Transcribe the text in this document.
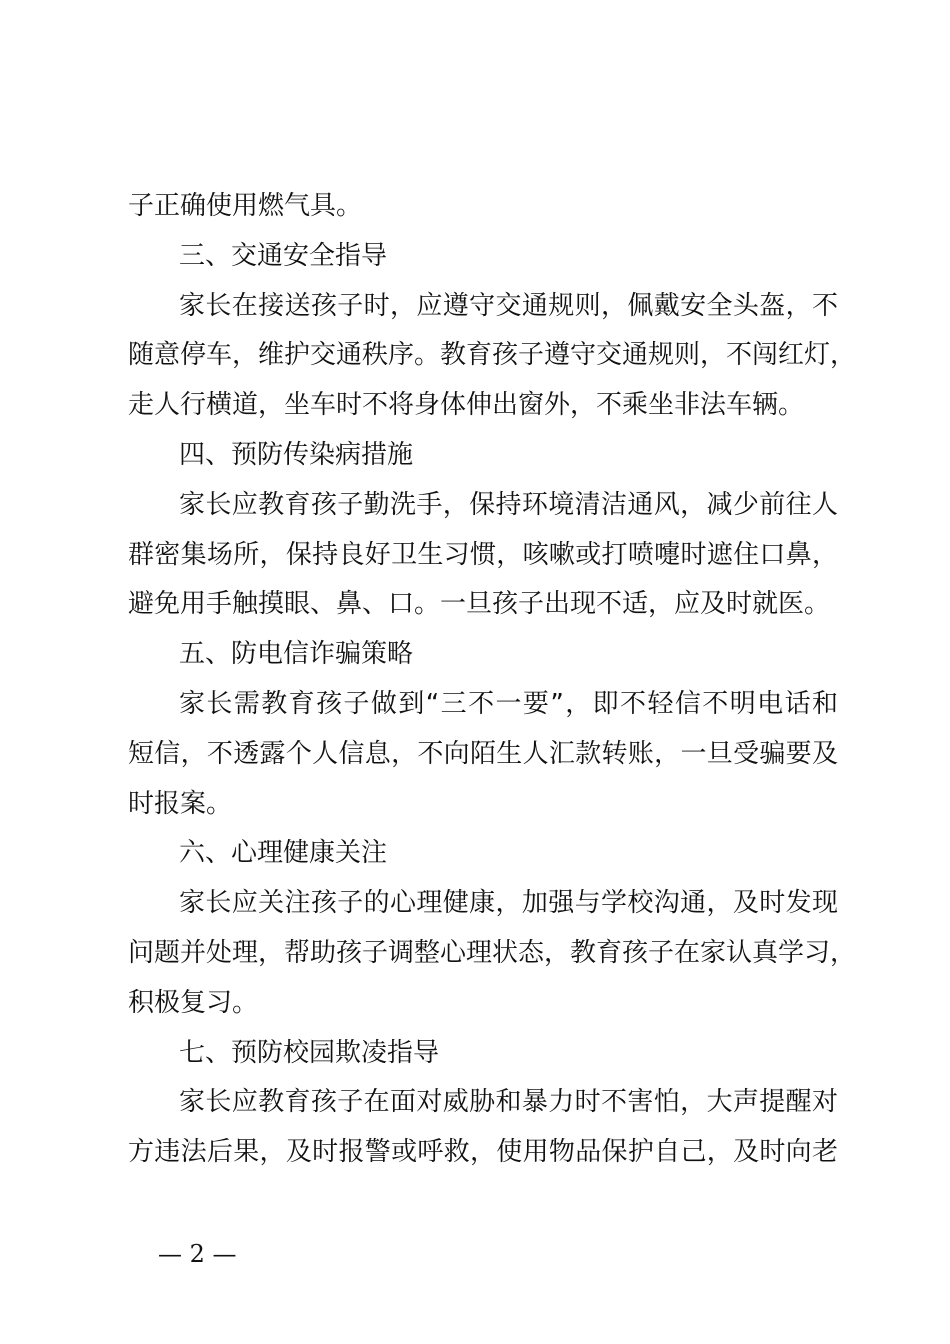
子正确使用燃气具。
三、交通安全指导
家长在接送孩子时，应遵守交通规则，佩戴安全头盔，不
随意停车，维护交通秩序。教育孩子遵守交通规则，不闯红灯，
走人行横道，坐车时不将身体伸出窗外，不乘坐非法车辆。
四、预防传染病措施
家长应教育孩子勤洗手，保持环境清洁通风，减少前往人
群密集场所，保持良好卫生习惯，咳嗽或打喷嚏时遮住口鼻，
避免用手触摸眼、鼻、口。一旦孩子出现不适，应及时就医。
五、防电信诈骗策略
家长需教育孩子做到“三不一要”，即不轻信不明电话和
短信，不透露个人信息，不向陌生人汇款转账，一旦受骗要及
时报案。
六、心理健康关注
家长应关注孩子的心理健康，加强与学校沟通，及时发现
问题并处理，帮助孩子调整心理状态，教育孩子在家认真学习，
积极复习。
七、预防校园欺凌指导
家长应教育孩子在面对威胁和暴力时不害怕，大声提醒对
方违法后果，及时报警或呼救，使用物品保护自己，及时向老
— 2 —
